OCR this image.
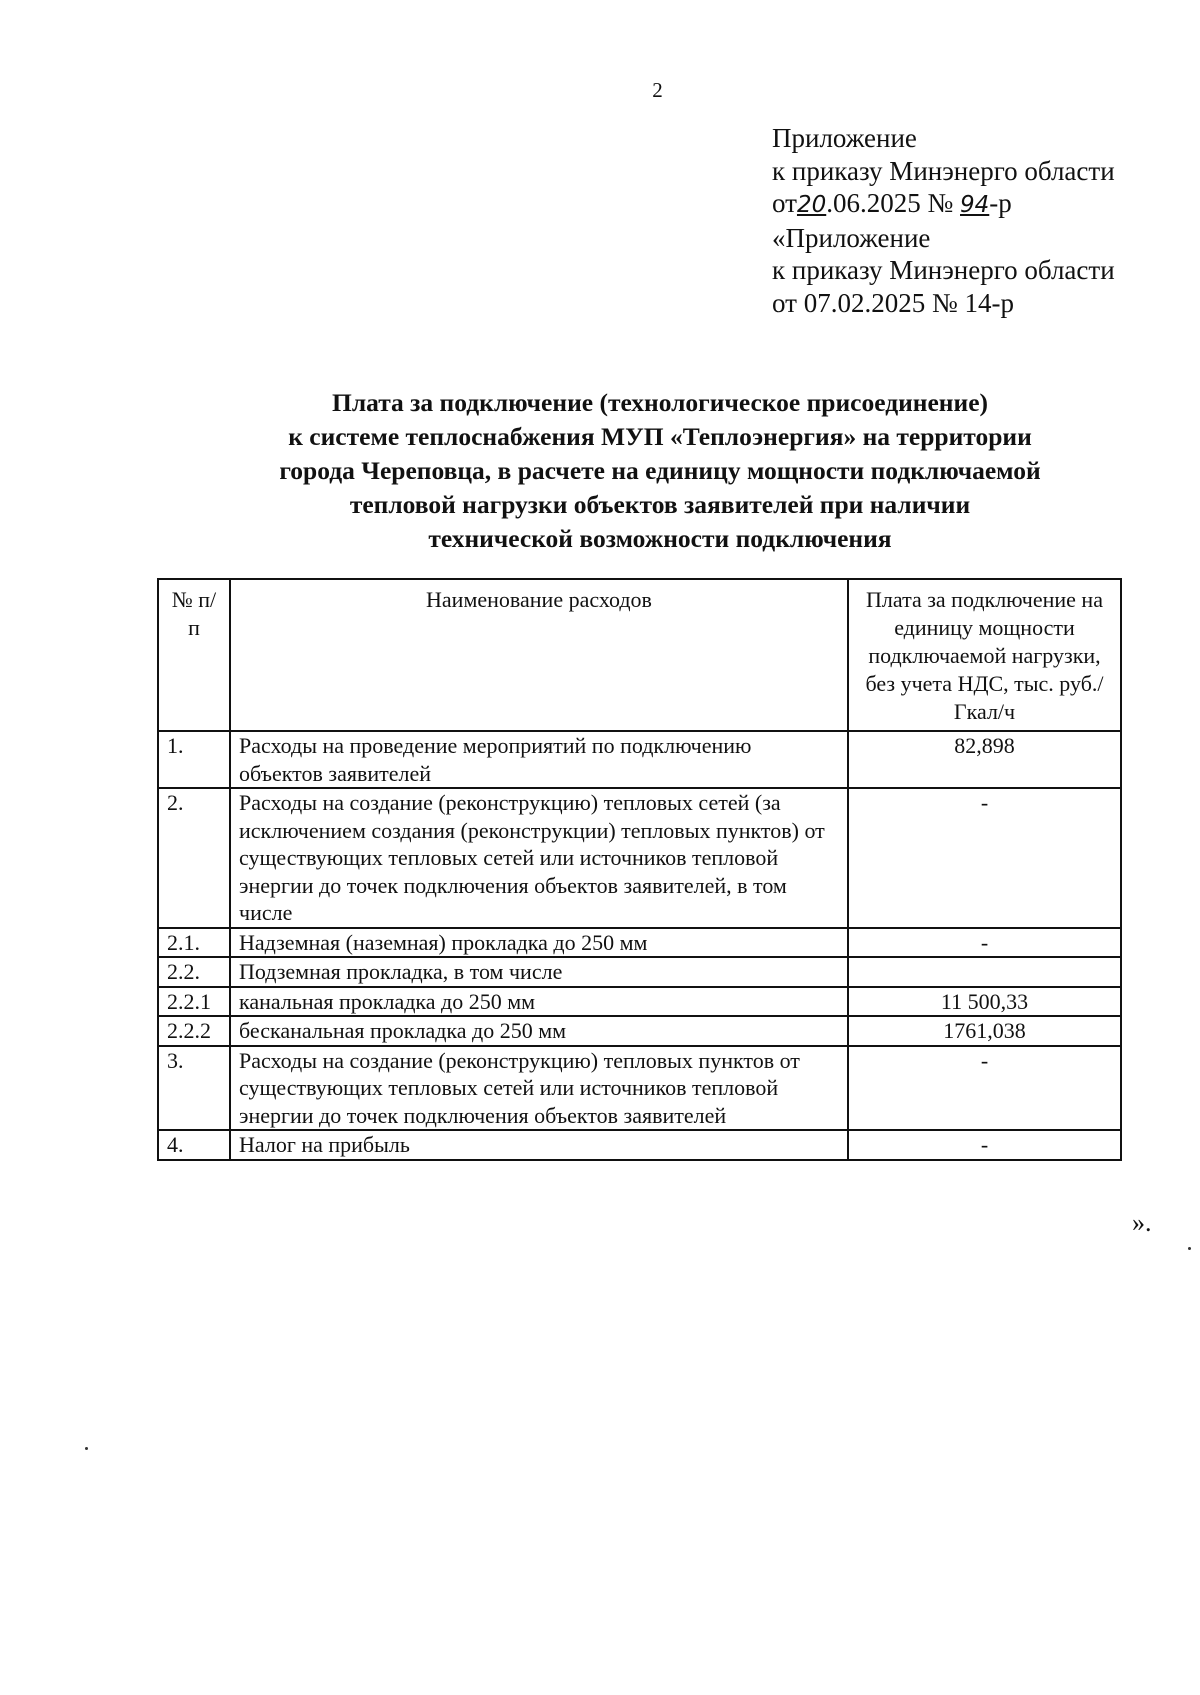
2
Приложение
к приказу Минэнерго области
от20.06.2025 № 94-р
«Приложение
к приказу Минэнерго области
от 07.02.2025 № 14-р
Плата за подключение (технологическое присоединение)
к системе теплоснабжения МУП «Теплоэнергия» на территории
города Череповца, в расчете на единицу мощности подключаемой
тепловой нагрузки объектов заявителей при наличии
технической возможности подключения
№ п/п	Наименование расходов	Плата за подключение на единицу мощности подключаемой нагрузки, без учета НДС, тыс. руб./Гкал/ч
1.	Расходы на проведение мероприятий по подключению объектов заявителей	82,898
2.	Расходы на создание (реконструкцию) тепловых сетей (за исключением создания (реконструкции) тепловых пунктов) от существующих тепловых сетей или источников тепловой энергии до точек подключения объектов заявителей, в том числе	-
2.1.	Надземная (наземная) прокладка до 250 мм	-
2.2.	Подземная прокладка, в том числе	
2.2.1	канальная прокладка до 250 мм	11 500,33
2.2.2	бесканальная прокладка до 250 мм	1761,038
3.	Расходы на создание (реконструкцию) тепловых пунктов от существующих тепловых сетей или источников тепловой энергии до точек подключения объектов заявителей	-
4.	Налог на прибыль	-
».
